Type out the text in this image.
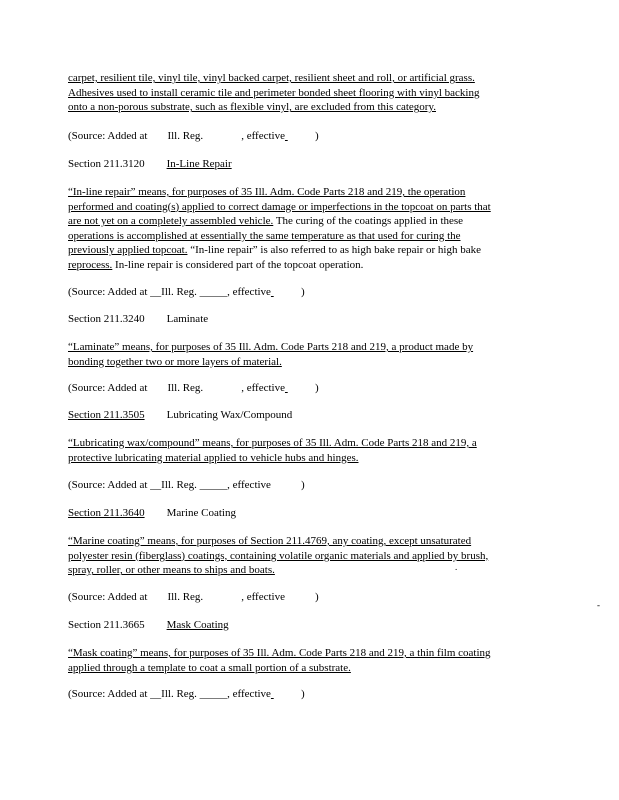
carpet, resilient tile, vinyl tile, vinyl backed carpet, resilient sheet and roll, or artificial grass.
Adhesives used to install ceramic tile and perimeter bonded sheet flooring with vinyl backing
onto a non-porous substrate, such as flexible vinyl, are excluded from this category.

(Source: Added at Ill. Reg.	, effective	)

Section 211.3120 In-Line Repair

“In-line repair” means, for purposes of 35 Ill. Adm. Code Parts 218 and 219, the operation
performed and coating(s) applied to correct damage or imperfections in the topcoat on parts that
are not yet on a completely assembled vehicle. The curing of the coatings applied in these
operations is accomplished at essentially the same temperature as that used for curing the
previously applied topcoat. “In-line repair” is also referred to as high bake repair or high bake
reprocess. In-line repair is considered part of the topcoat operation.

(Source: Added at __Ill. Reg. _____, effective	)

Section 211.3240 Laminate

“Laminate” means, for purposes of 35 Ill. Adm. Code Parts 218 and 219, a product made by
bonding together two or more layers of material.

(Source: Added at Ill. Reg.	, effective	)

Section 211.3505 Lubricating Wax/Compound

“Lubricating wax/compound” means, for purposes of 35 Ill. Adm. Code Parts 218 and 219, a
protective lubricating material applied to vehicle hubs and hinges.

(Source: Added at __Ill. Reg. _____, effective	)

Section 211.3640 Marine Coating

“Marine coating” means, for purposes of Section 211.4769, any coating, except unsaturated
polyester resin (fiberglass) coatings, containing volatile organic materials and applied by brush,
spray, roller, or other means to ships and boats.

(Source: Added at Ill. Reg.	, effective	)

Section 211.3665 Mask Coating

“Mask coating” means, for purposes of 35 Ill. Adm. Code Parts 218 and 219, a thin film coating
applied through a template to coat a small portion of a substrate.

(Source: Added at __Ill. Reg. _____, effective	)

-
.
